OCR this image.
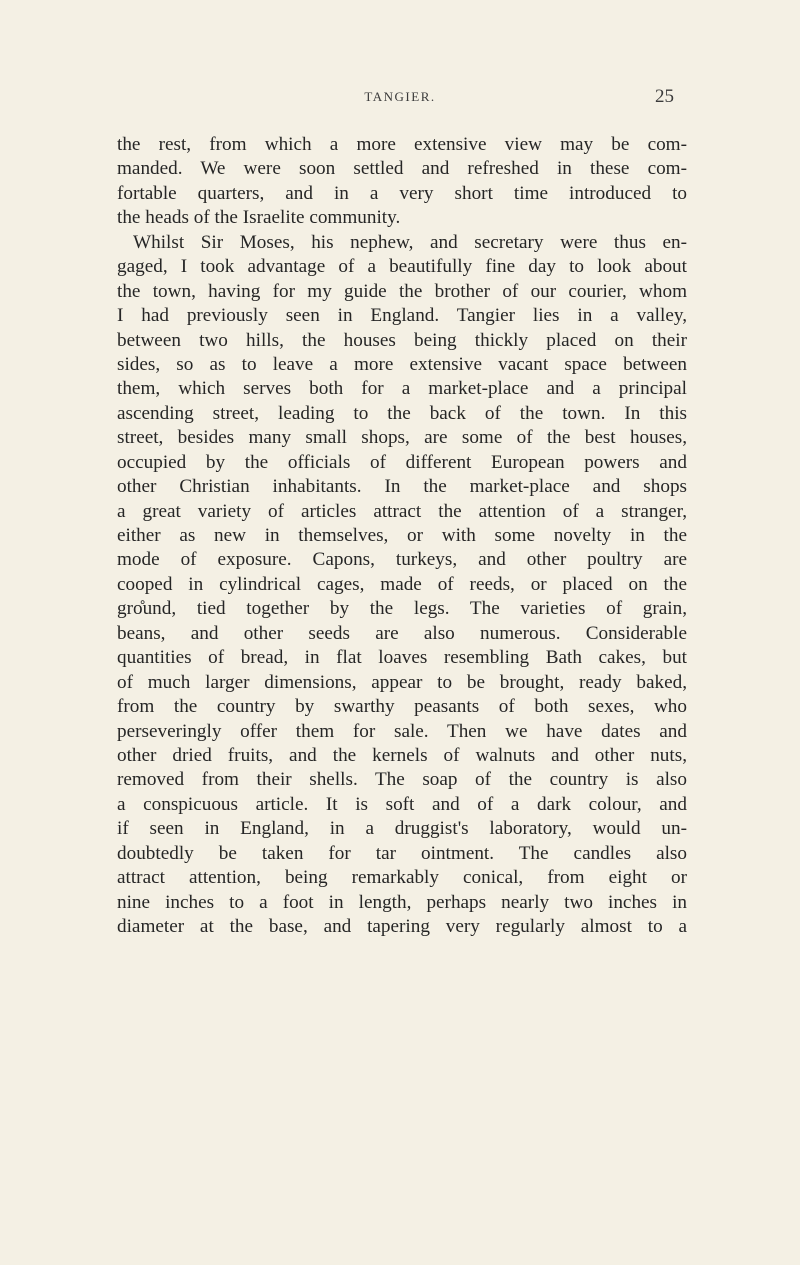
TANGIER.	25
the rest, from which a more extensive view may be com-
manded. We were soon settled and refreshed in these com-
fortable quarters, and in a very short time introduced to
the heads of the Israelite community.
Whilst Sir Moses, his nephew, and secretary were thus en-
gaged, I took advantage of a beautifully fine day to look about
the town, having for my guide the brother of our courier, whom
I had previously seen in England. Tangier lies in a valley,
between two hills, the houses being thickly placed on their
sides, so as to leave a more extensive vacant space between
them, which serves both for a market-place and a principal
ascending street, leading to the back of the town. In this
street, besides many small shops, are some of the best houses,
occupied by the officials of different European powers and
other Christian inhabitants. In the market-place and shops
a great variety of articles attract the attention of a stranger,
either as new in themselves, or with some novelty in the
mode of exposure. Capons, turkeys, and other poultry are
cooped in cylindrical cages, made of reeds, or placed on the
gro̊und, tied together by the legs. The varieties of grain,
beans, and other seeds are also numerous. Considerable
quantities of bread, in flat loaves resembling Bath cakes, but
of much larger dimensions, appear to be brought, ready baked,
from the country by swarthy peasants of both sexes, who
perseveringly offer them for sale. Then we have dates and
other dried fruits, and the kernels of walnuts and other nuts,
removed from their shells. The soap of the country is also
a conspicuous article. It is soft and of a dark colour, and
if seen in England, in a druggist's laboratory, would un-
doubtedly be taken for tar ointment. The candles also
attract attention, being remarkably conical, from eight or
nine inches to a foot in length, perhaps nearly two inches in
diameter at the base, and tapering very regularly almost to a
